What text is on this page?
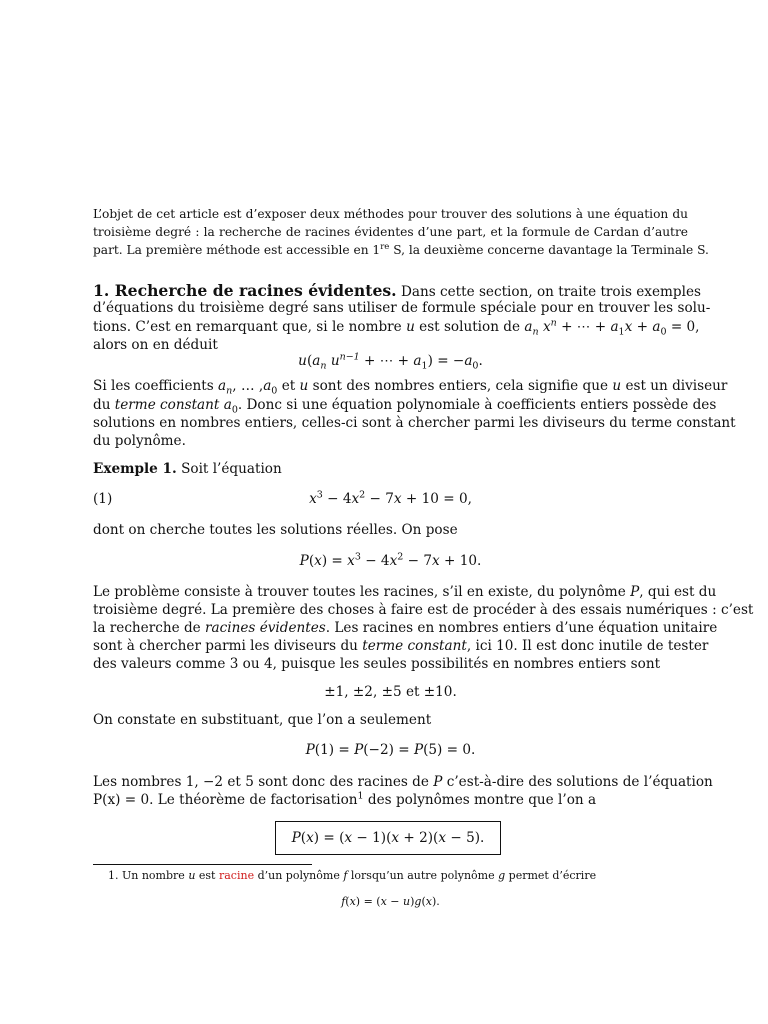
L’objet de cet article est d’exposer deux méthodes pour trouver des solutions à une équation du
troisième degré : la recherche de racines évidentes d’une part, et la formule de Cardan d’autre
part. La première méthode est accessible en 1re S, la deuxième concerne davantage la Terminale S.
1. Recherche de racines évidentes. Dans cette section, on traite trois exemples
d’équations du troisième degré sans utiliser de formule spéciale pour en trouver les solu-
tions. C’est en remarquant que, si le nombre u est solution de $a_n$ $x^n$ + ⋯ + $a_1x + a_0 = 0$,
alors on en déduit
$u(a_n$ $u^{n-1}$ + ⋯ + $a_1) = -a_0$.
Si les coefficients $a_n$, … $,a_0$ et u sont des nombres entiers, cela signifie que u est un diviseur
du terme constant $a_0$. Donc si une équation polynomiale à coefficients entiers possède des
solutions en nombres entiers, celles-ci sont à chercher parmi les diviseurs du terme constant
du polynôme.
Exemple 1. Soit l’équation
(1)	$x^3 - 4x^2 - 7x + 10 = 0$,
dont on cherche toutes les solutions réelles. On pose
$P(x) = x^3 - 4x^2 - 7x + 10$.
Le problème consiste à trouver toutes les racines, s’il en existe, du polynôme P, qui est du
troisième degré. La première des choses à faire est de procéder à des essais numériques : c’est
la recherche de racines évidentes. Les racines en nombres entiers d’une équation unitaire
sont à chercher parmi les diviseurs du terme constant, ici 10. Il est donc inutile de tester
des valeurs comme 3 ou 4, puisque les seules possibilités en nombres entiers sont
±1, ±2, ±5 et ±10.
On constate en substituant, que l’on a seulement
P(1) = P(−2) = P(5) = 0.
Les nombres 1, −2 et 5 sont donc des racines de P c’est-à-dire des solutions de l’équation
P(x) = 0. Le théorème de factorisation$^1$ des polynômes montre que l’on a
P(x) = (x − 1)(x + 2)(x − 5).
1. Un nombre u est racine d’un polynôme f lorsqu’un autre polynôme g permet d’écrire
f(x) = (x − u)g(x).
